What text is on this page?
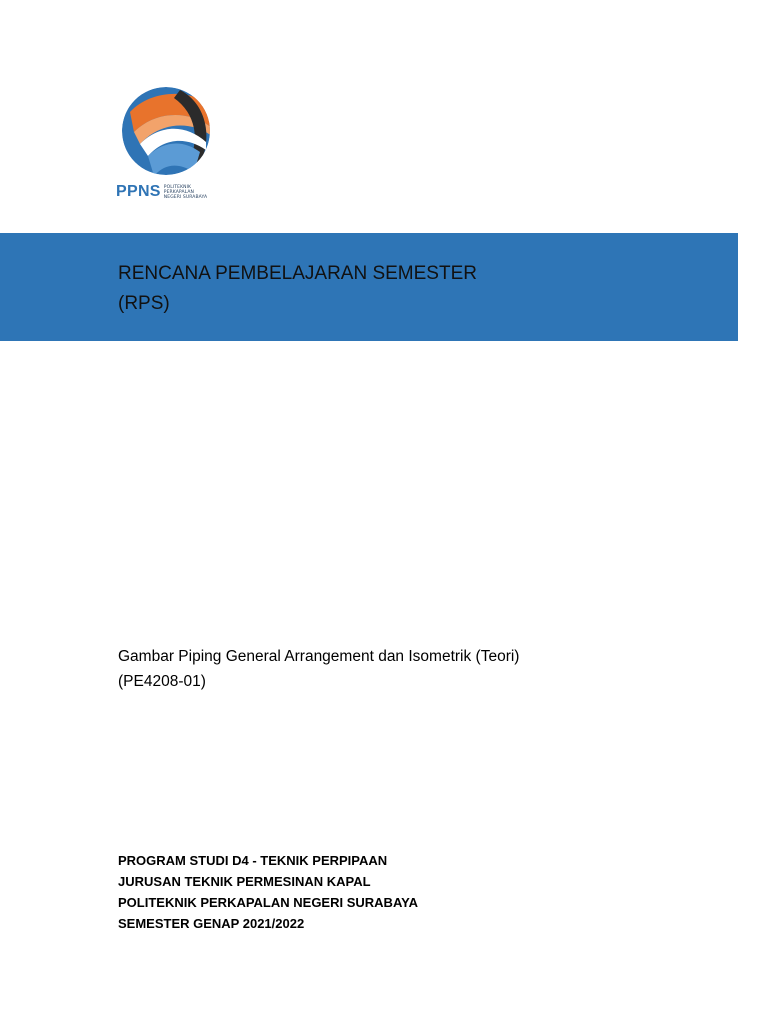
PPNS POLITEKNIK
PERKAPALAN
NEGERI SURABAYA
RENCANA PEMBELAJARAN SEMESTER
(RPS)

Gambar Piping General Arrangement dan Isometrik (Teori)
(PE4208-01)

PROGRAM STUDI D4 - TEKNIK PERPIPAAN
JURUSAN TEKNIK PERMESINAN KAPAL
POLITEKNIK PERKAPALAN NEGERI SURABAYA
SEMESTER GENAP 2021/2022
